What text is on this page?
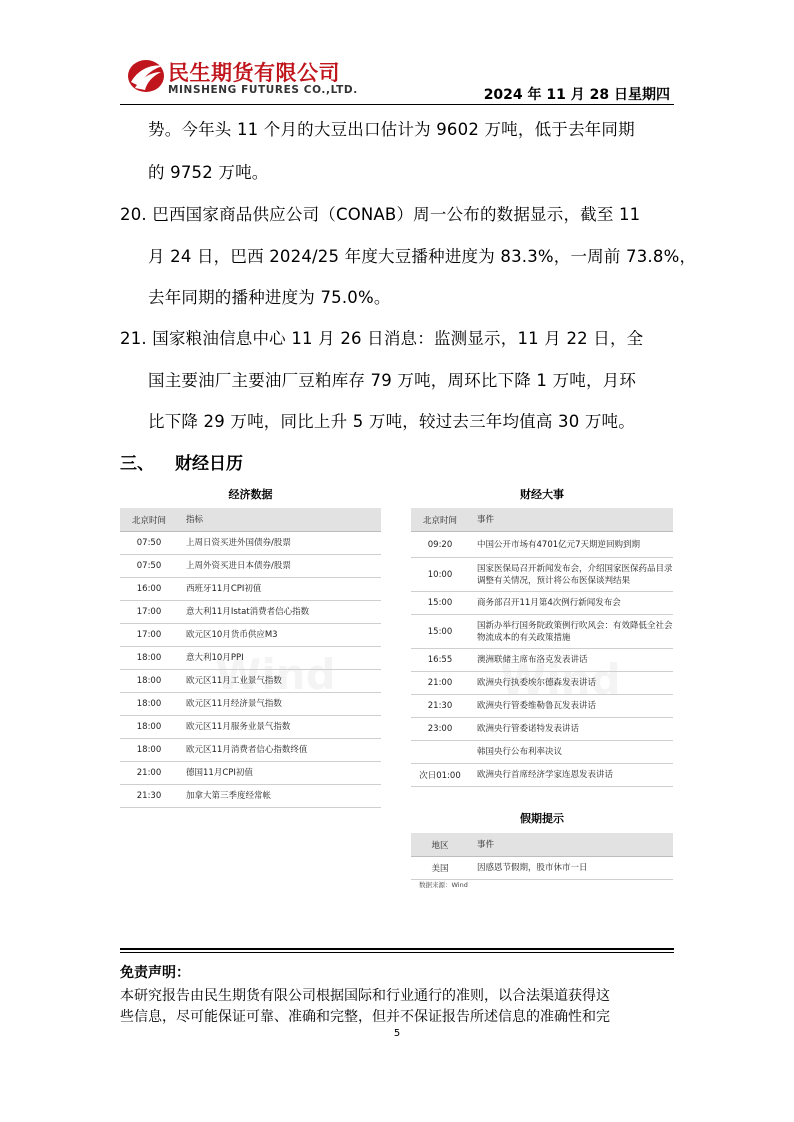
民生期货有限公司
MINSHENG FUTURES CO.,LTD.	2024 年 11 月 28 日星期四
势。今年头 11 个月的大豆出口估计为 9602 万吨，低于去年同期
的 9752 万吨。
20. 巴西国家商品供应公司（CONAB）周一公布的数据显示，截至 11
月 24 日，巴西 2024/25 年度大豆播种进度为 83.3%，一周前 73.8%，
去年同期的播种进度为 75.0%。
21. 国家粮油信息中心 11 月 26 日消息：监测显示，11 月 22 日，全
国主要油厂主要油厂豆粕库存 79 万吨，周环比下降 1 万吨，月环
比下降 29 万吨，同比上升 5 万吨，较过去三年均值高 30 万吨。
三、 财经日历
经济数据
北京时间	指标
07:50	上周日资买进外国债券/股票
07:50	上周外资买进日本债券/股票
16:00	西班牙11月CPI初值
17:00	意大利11月Istat消费者信心指数
17:00	欧元区10月货币供应M3
18:00	意大利10月PPI
18:00	欧元区11月工业景气指数
18:00	欧元区11月经济景气指数
18:00	欧元区11月服务业景气指数
18:00	欧元区11月消费者信心指数终值
21:00	德国11月CPI初值
21:30	加拿大第三季度经常帐
财经大事
北京时间	事件
09:20	中国公开市场有4701亿元7天期逆回购到期
10:00	国家医保局召开新闻发布会，介绍国家医保药品目录调整有关情况，预计将公布医保谈判结果
15:00	商务部召开11月第4次例行新闻发布会
15:00	国新办举行国务院政策例行吹风会：有效降低全社会物流成本的有关政策措施
16:55	澳洲联储主席布洛克发表讲话
21:00	欧洲央行执委埃尔德森发表讲话
21:30	欧洲央行管委维勒鲁瓦发表讲话
23:00	欧洲央行管委诺特发表讲话
	韩国央行公布利率决议
次日01:00	欧洲央行首席经济学家连恩发表讲话
假期提示
地区	事件
美国	因感恩节假期，股市休市一日
数据来源：Wind
免责声明：
本研究报告由民生期货有限公司根据国际和行业通行的准则，以合法渠道获得这
些信息，尽可能保证可靠、准确和完整，但并不保证报告所述信息的准确性和完
5
